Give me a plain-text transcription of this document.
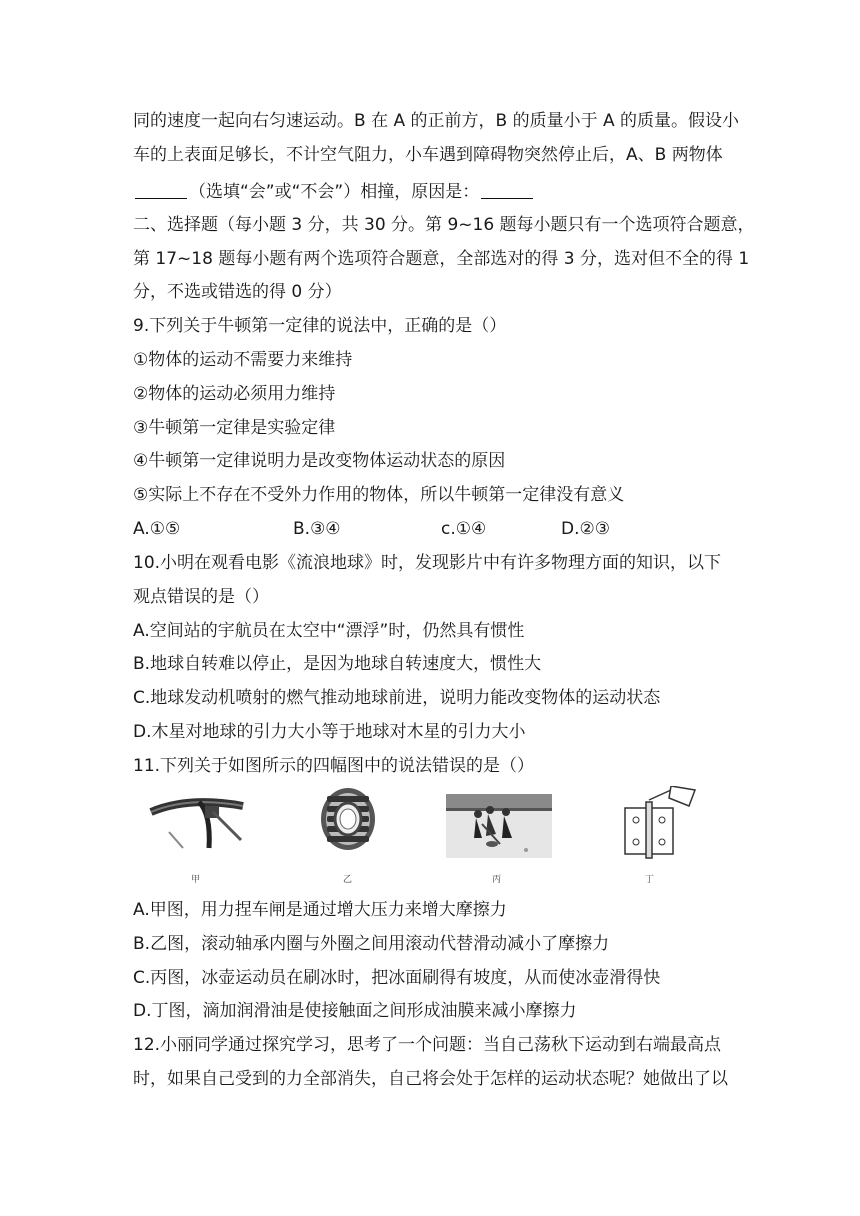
同的速度一起向右匀速运动。B 在 A 的正前方，B 的质量小于 A 的质量。假设小
车的上表面足够长，不计空气阻力，小车遇到障碍物突然停止后，A、B 两物体
（选填“会”或“不会”）相撞，原因是：
二、选择题（每小题 3 分，共 30 分。第 9~16 题每小题只有一个选项符合题意，
第 17~18 题每小题有两个选项符合题意，全部选对的得 3 分，选对但不全的得 1
分，不选或错选的得 0 分）
9.下列关于牛顿第一定律的说法中，正确的是（）
①物体的运动不需要力来维持
②物体的运动必须用力维持
③牛顿第一定律是实验定律
④牛顿第一定律说明力是改变物体运动状态的原因
⑤实际上不存在不受外力作用的物体，所以牛顿第一定律没有意义
A.①⑤	B.③④	c.①④	D.②③
10.小明在观看电影《流浪地球》时，发现影片中有许多物理方面的知识，以下
观点错误的是（）
A.空间站的宇航员在太空中“漂浮”时，仍然具有惯性
B.地球自转难以停止，是因为地球自转速度大，惯性大
C.地球发动机喷射的燃气推动地球前进，说明力能改变物体的运动状态
D.木星对地球的引力大小等于地球对木星的引力大小
11.下列关于如图所示的四幅图中的说法错误的是（）
甲	乙	丙	丁
A.甲图，用力捏车闸是通过增大压力来增大摩擦力
B.乙图，滚动轴承内圈与外圈之间用滚动代替滑动减小了摩擦力
C.丙图，冰壶运动员在刷冰时，把冰面刷得有坡度，从而使冰壶滑得快
D.丁图，滴加润滑油是使接触面之间形成油膜来减小摩擦力
12.小丽同学通过探究学习，思考了一个问题：当自己荡秋下运动到右端最高点
时，如果自己受到的力全部消失，自己将会处于怎样的运动状态呢？她做出了以
